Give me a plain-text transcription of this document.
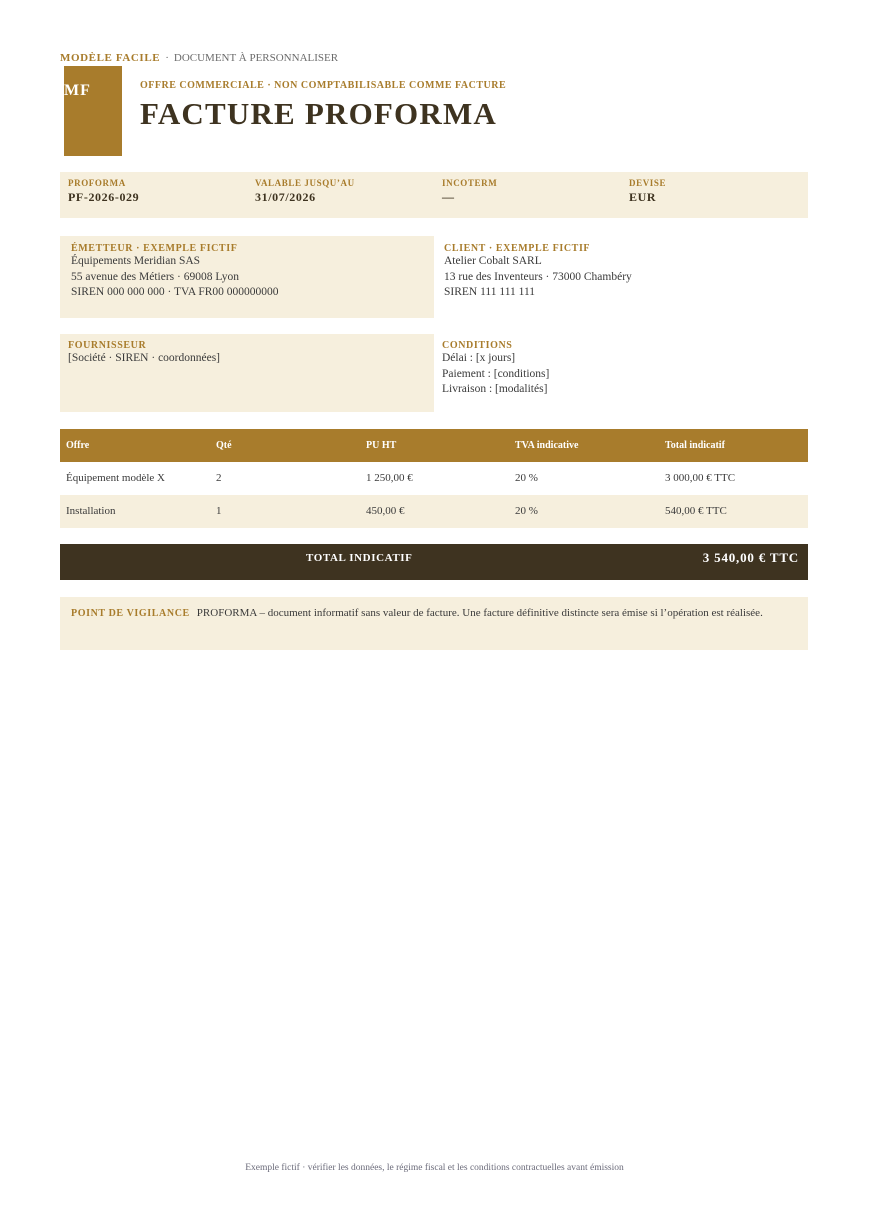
MODÈLE FACILE · DOCUMENT À PERSONNALISER
MF	OFFRE COMMERCIALE · NON COMPTABILISABLE COMME FACTURE
FACTURE PROFORMA
PROFORMA
PF-2026-029
VALABLE JUSQU’AU
31/07/2026
INCOTERM
—
DEVISE
EUR
ÉMETTEUR · EXEMPLE FICTIF
Équipements Meridian SAS
55 avenue des Métiers · 69008 Lyon
SIREN 000 000 000 · TVA FR00 000000000
CLIENT · EXEMPLE FICTIF
Atelier Cobalt SARL
13 rue des Inventeurs · 73000 Chambéry
SIREN 111 111 111
FOURNISSEUR
[Société · SIREN · coordonnées]
CONDITIONS
Délai : [x jours]
Paiement : [conditions]
Livraison : [modalités]
Offre	Qté	PU HT	TVA indicative	Total indicatif
Équipement modèle X	2	1 250,00 €	20 %	3 000,00 € TTC
Installation	1	450,00 €	20 %	540,00 € TTC
TOTAL INDICATIF	3 540,00 € TTC
POINT DE VIGILANCE PROFORMA – document informatif sans valeur de facture. Une facture définitive distincte sera émise si l’opération est réalisée.
Exemple fictif · vérifier les données, le régime fiscal et les conditions contractuelles avant émission
